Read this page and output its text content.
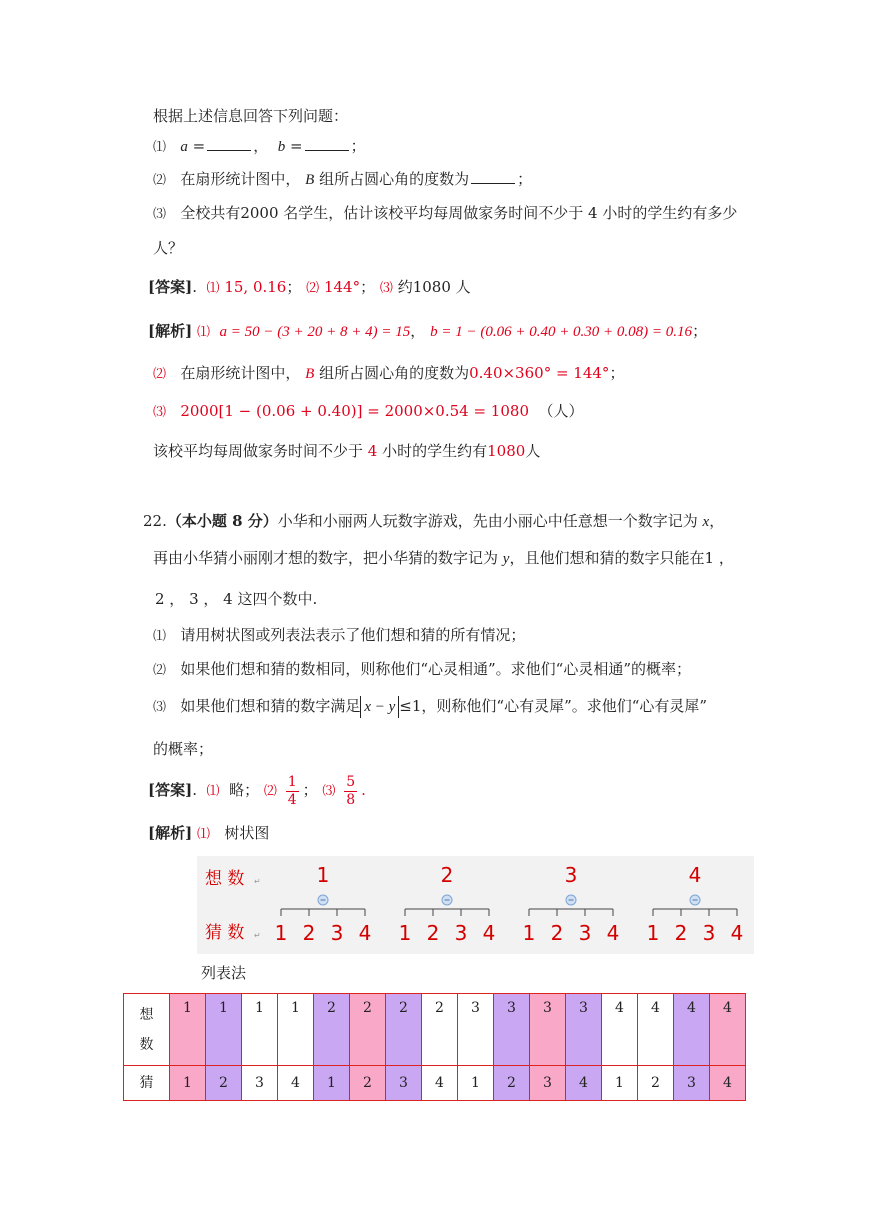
根据上述信息回答下列问题：
⑴ a =	， b =	；
⑵ 在扇形统计图中， B 组所占圆心角的度数为	；
⑶ 全校共有2000 名学生，估计该校平均每周做家务时间不少于 4 小时的学生约有多少
人？
[答案]. ⑴ 15, 0.16； ⑵ 144°； ⑶ 约1080 人
[解析] ⑴ a = 50 − (3 + 20 + 8 + 4) = 15， b = 1 − (0.06 + 0.40 + 0.30 + 0.08) = 0.16；
⑵ 在扇形统计图中， B 组所占圆心角的度数为0.40×360° = 144°；
⑶ 2000[1 − (0.06 + 0.40)] = 2000×0.54 = 1080 （人）
该校平均每周做家务时间不少于 4 小时的学生约有1080人
22.（本小题 8 分）小华和小丽两人玩数字游戏，先由小丽心中任意想一个数字记为 x，
再由小华猜小丽刚才想的数字，把小华猜的数字记为 y，且他们想和猜的数字只能在1 ，
2 ， 3 ， 4 这四个数中.
⑴ 请用树状图或列表法表示了他们想和猜的所有情况；
⑵ 如果他们想和猜的数相同，则称他们“心灵相通”。求他们“心灵相通”的概率；
⑶ 如果他们想和猜的数字满足 x − y ≤1，则称他们“心有灵犀”。求他们“心有灵犀”
的概率；
[答案]. ⑴ 略； ⑵ $\frac{1}{4}$ ； ⑶ $\frac{5}{8}$ .
[解析] ⑴ 树状图
想 数 ↵
猜 数 ↵
1
1 2 3 4
2
1 2 3 4
3
1 2 3 4
4
1 2 3 4
列表法
想
数	1	1	1	1	2	2	2	2	3	3	3	3	4	4	4	4
猜	1	2	3	4	1	2	3	4	1	2	3	4	1	2	3	4
